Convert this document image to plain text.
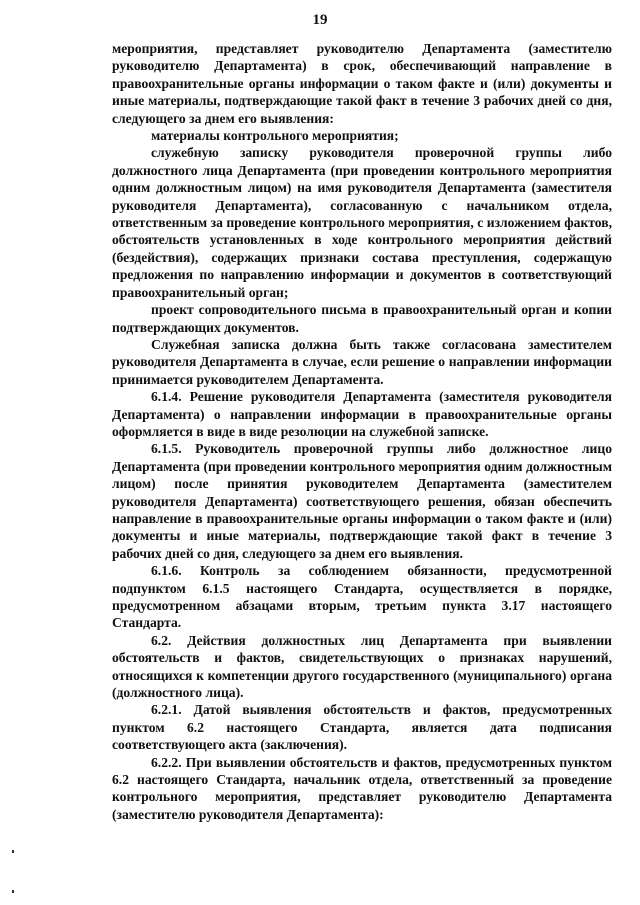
19

мероприятия, представляет руководителю Департамента (заместителю руководителю Департамента) в срок, обеспечивающий направление в правоохранительные органы информации о таком факте и (или) документы и иные материалы, подтверждающие такой факт в течение 3 рабочих дней со дня, следующего за днем его выявления:

материалы контрольного мероприятия;

служебную записку руководителя проверочной группы либо должностного лица Департамента (при проведении контрольного мероприятия одним должностным лицом) на имя руководителя Департамента (заместителя руководителя Департамента), согласованную с начальником отдела, ответственным за проведение контрольного мероприятия, с изложением фактов, обстоятельств установленных в ходе контрольного мероприятия действий (бездействия), содержащих признаки состава преступления, содержащую предложения по направлению информации и документов в соответствующий правоохранительный орган;

проект сопроводительного письма в правоохранительный орган и копии подтверждающих документов.

Служебная записка должна быть также согласована заместителем руководителя Департамента в случае, если решение о направлении информации принимается руководителем Департамента.

6.1.4. Решение руководителя Департамента (заместителя руководителя Департамента) о направлении информации в правоохранительные органы оформляется в виде в виде резолюции на служебной записке.

6.1.5. Руководитель проверочной группы либо должностное лицо Департамента (при проведении контрольного мероприятия одним должностным лицом) после принятия руководителем Департамента (заместителем руководителя Департамента) соответствующего решения, обязан обеспечить направление в правоохранительные органы информации о таком факте и (или) документы и иные материалы, подтверждающие такой факт в течение 3 рабочих дней со дня, следующего за днем его выявления.

6.1.6. Контроль за соблюдением обязанности, предусмотренной подпунктом 6.1.5 настоящего Стандарта, осуществляется в порядке, предусмотренном абзацами вторым, третьим пункта 3.17 настоящего Стандарта.

6.2. Действия должностных лиц Департамента при выявлении обстоятельств и фактов, свидетельствующих о признаках нарушений, относящихся к компетенции другого государственного (муниципального) органа (должностного лица).

6.2.1. Датой выявления обстоятельств и фактов, предусмотренных пунктом 6.2 настоящего Стандарта, является дата подписания соответствующего акта (заключения).

6.2.2. При выявлении обстоятельств и фактов, предусмотренных пунктом 6.2 настоящего Стандарта, начальник отдела, ответственный за проведение контрольного мероприятия, представляет руководителю Департамента (заместителю руководителя Департамента):
